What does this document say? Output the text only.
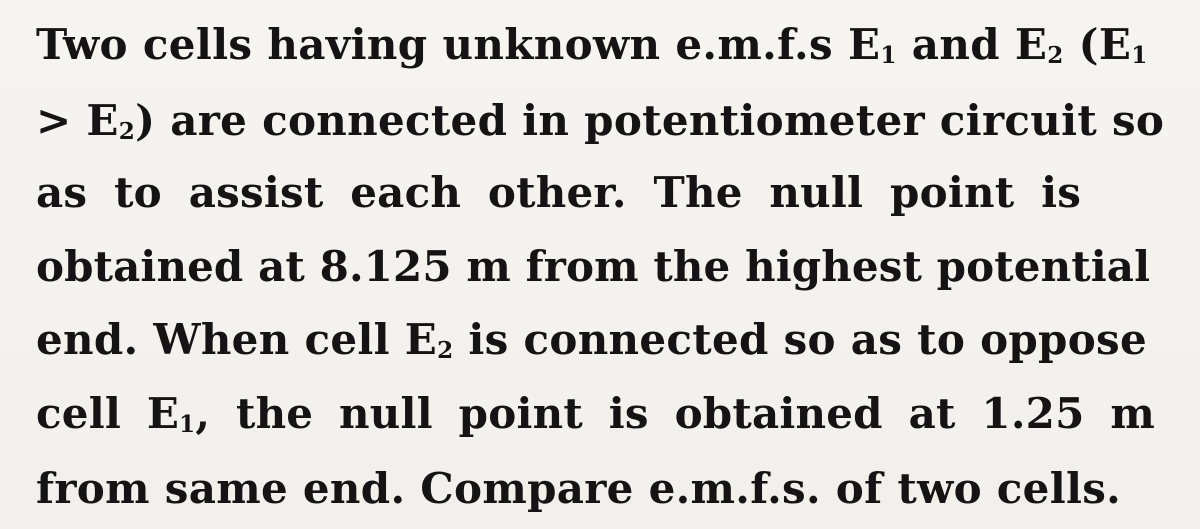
Two cells having unknown e.m.f.s $E_1$ and $E_2$ ($E_1$
> $E_2$) are connected in potentiometer circuit so
as to assist each other. The null point is
obtained at 8.125 m from the highest potential
end. When cell $E_2$ is connected so as to oppose
cell $E_1$, the null point is obtained at 1.25 m
from same end. Compare e.m.f.s. of two cells.
